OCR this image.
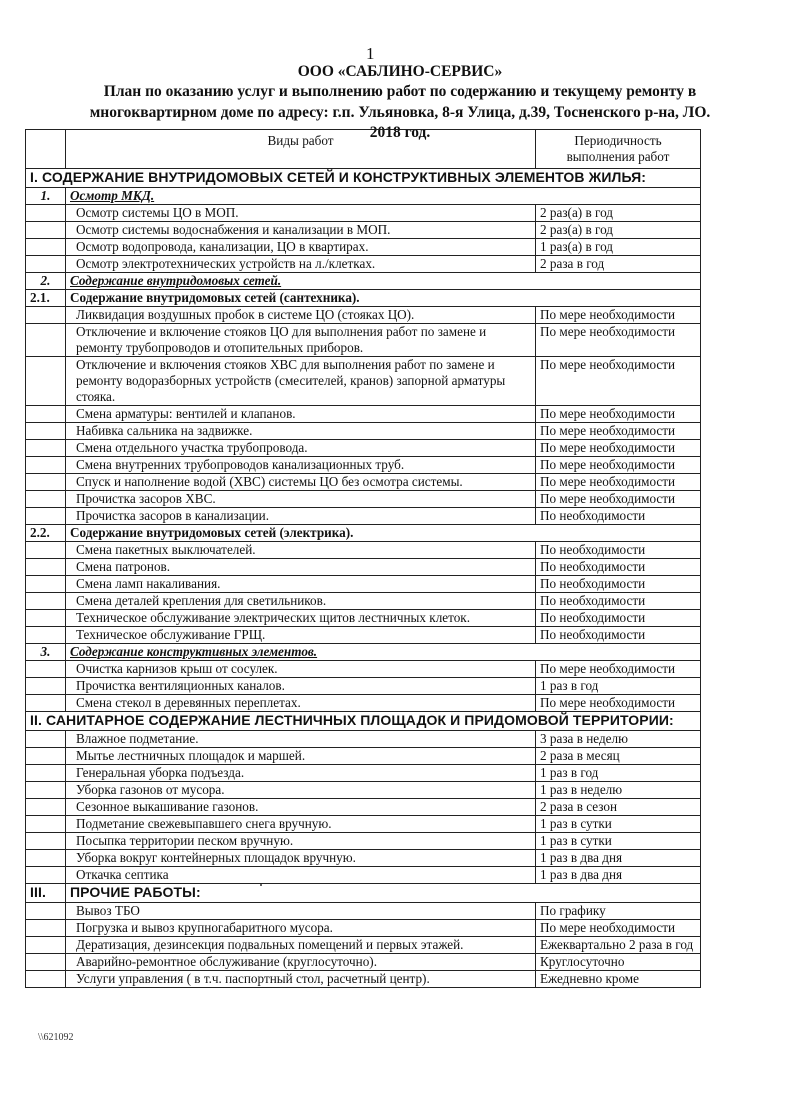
1
ООО «САБЛИНО-СЕРВИС»
План по оказанию услуг и выполнению работ по содержанию и текущему ремонту в
многоквартирном доме по адресу: г.п. Ульяновка, 8-я Улица, д.39, Тосненского р-на, ЛО.
2018 год.
	Виды работ	Периодичность
выполнения работ

I. СОДЕРЖАНИЕ ВНУТРИДОМОВЫХ СЕТЕЙ И КОНСТРУКТИВНЫХ ЭЛЕМЕНТОВ ЖИЛЬЯ:		
1.	Осмотр МКД.	
	Осмотр системы ЦО в МОП.	2 раз(а) в год
	Осмотр системы водоснабжения и канализации в МОП.	2 раз(а) в год
	Осмотр водопровода, канализации, ЦО в квартирах.	1 раз(а) в год
	Осмотр электротехнических устройств на л./клетках.	2 раза в год
2.	Содержание внутридомовых сетей.	
2.1.	Содержание внутридомовых сетей (сантехника).	
	Ликвидация воздушных пробок в системе ЦО (стояках ЦО).	По мере необходимости
	Отключение и включение стояков ЦО для выполнения работ по замене и ремонту трубопроводов и отопительных приборов.	По мере необходимости
	Отключение и включения стояков ХВС для выполнения работ по замене и ремонту водоразборных устройств (смесителей, кранов) запорной арматуры стояка.	По мере необходимости
	Смена арматуры: вентилей и клапанов.	По мере необходимости
	Набивка сальника на задвижке.	По мере необходимости
	Смена отдельного участка трубопровода.	По мере необходимости
	Смена внутренних трубопроводов канализационных труб.	По мере необходимости
	Спуск и наполнение водой (ХВС) системы ЦО без осмотра системы.	По мере необходимости
	Прочистка засоров ХВС.	По мере необходимости
	Прочистка засоров в канализации.	По необходимости
2.2.	Содержание внутридомовых сетей (электрика).	
	Смена пакетных выключателей.	По необходимости
	Смена патронов.	По необходимости
	Смена ламп накаливания.	По необходимости
	Смена деталей крепления для светильников.	По необходимости
	Техническое обслуживание электрических щитов лестничных клеток.	По необходимости
	Техническое обслуживание ГРЩ.	По необходимости
3.	Содержание конструктивных элементов.	
	Очистка карнизов крыш от сосулек.	По мере необходимости
	Прочистка вентиляционных каналов.	1 раз в год
	Смена стекол в деревянных переплетах.	По мере необходимости
II. САНИТАРНОЕ СОДЕРЖАНИЕ ЛЕСТНИЧНЫХ ПЛОЩАДОК И ПРИДОМОВОЙ ТЕРРИТОРИИ:		
	Влажное подметание.	3 раза в неделю
	Мытье лестничных площадок и маршей.	2 раза в месяц
	Генеральная уборка подъезда.	1 раз в год
	Уборка газонов от мусора.	1 раз в неделю
	Сезонное выкашивание газонов.	2 раза в сезон
	Подметание свежевыпавшего снега вручную.	1 раз в сутки
	Посыпка территории песком вручную.	1 раз в сутки
	Уборка вокруг контейнерных площадок вручную.	1 раз в два дня
	Откачка септика	1 раз в два дня
III.	ПРОЧИЕ РАБОТЫ:	
	Вывоз ТБО	По графику
	Погрузка и вывоз крупногабаритного мусора.	По мере необходимости
	Дератизация, дезинсекция подвальных помещений и первых этажей.	Ежеквартально 2 раза в год
	Аварийно-ремонтное обслуживание (круглосуточно).	Круглосуточно
	Услуги управления ( в т.ч. паспортный стол, расчетный центр).	Ежедневно кроме
\\621092
